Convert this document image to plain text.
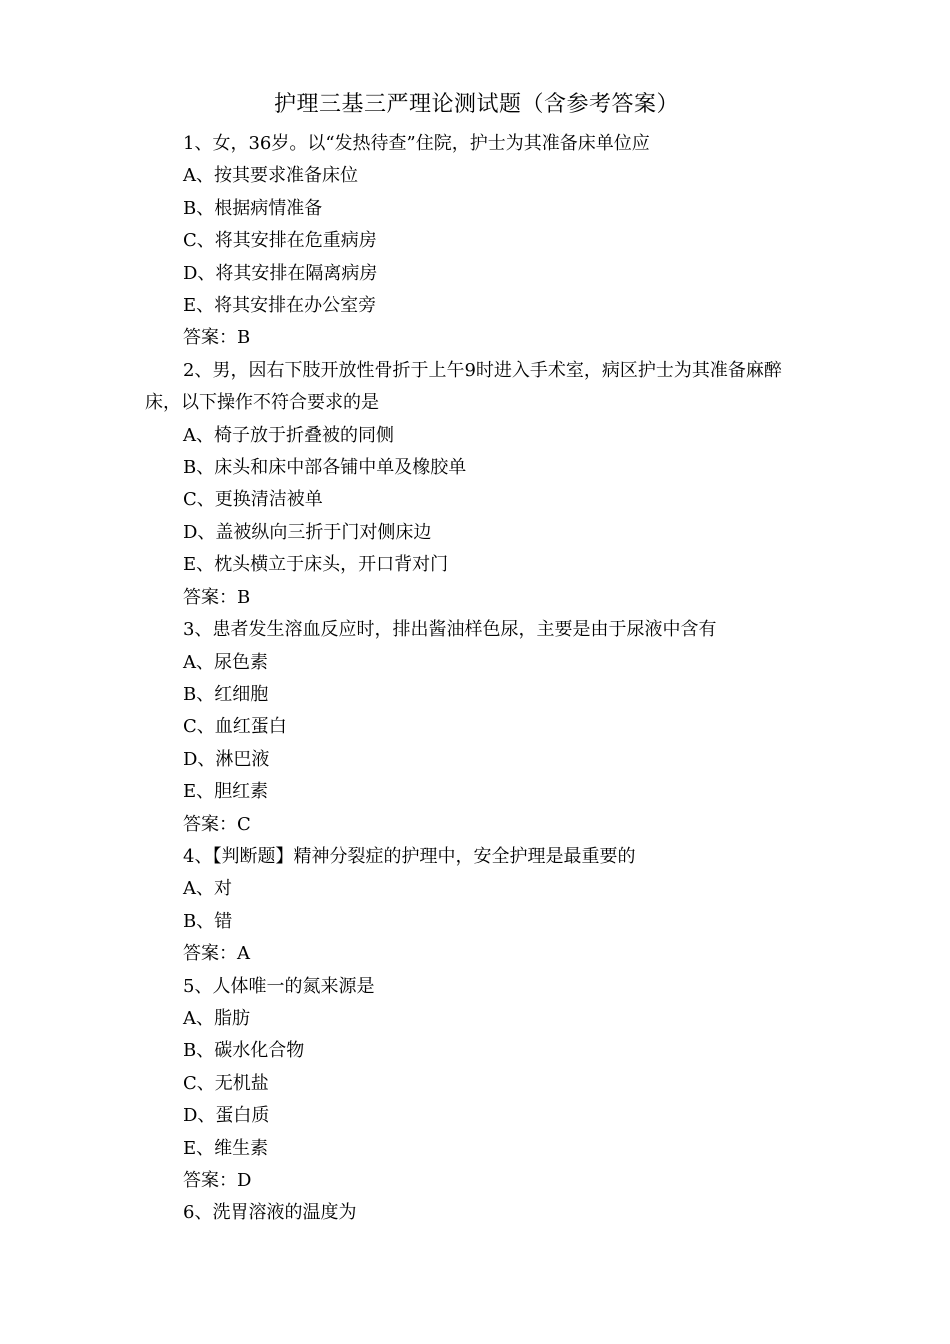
护理三基三严理论测试题（含参考答案）

1、女，36岁。以“发热待查”住院，护士为其准备床单位应

A、按其要求准备床位

B、根据病情准备

C、将其安排在危重病房

D、将其安排在隔离病房

E、将其安排在办公室旁

答案：B

2、男，因右下肢开放性骨折于上午9时进入手术室，病区护士为其准备麻醉床，以下操作不符合要求的是

A、椅子放于折叠被的同侧

B、床头和床中部各铺中单及橡胶单

C、更换清洁被单

D、盖被纵向三折于门对侧床边

E、枕头横立于床头，开口背对门

答案：B

3、患者发生溶血反应时，排出酱油样色尿，主要是由于尿液中含有

A、尿色素

B、红细胞

C、血红蛋白

D、淋巴液

E、胆红素

答案：C

4、【判断题】精神分裂症的护理中，安全护理是最重要的

A、对

B、错

答案：A

5、人体唯一的氮来源是

A、脂肪

B、碳水化合物

C、无机盐

D、蛋白质

E、维生素

答案：D

6、洗胃溶液的温度为
